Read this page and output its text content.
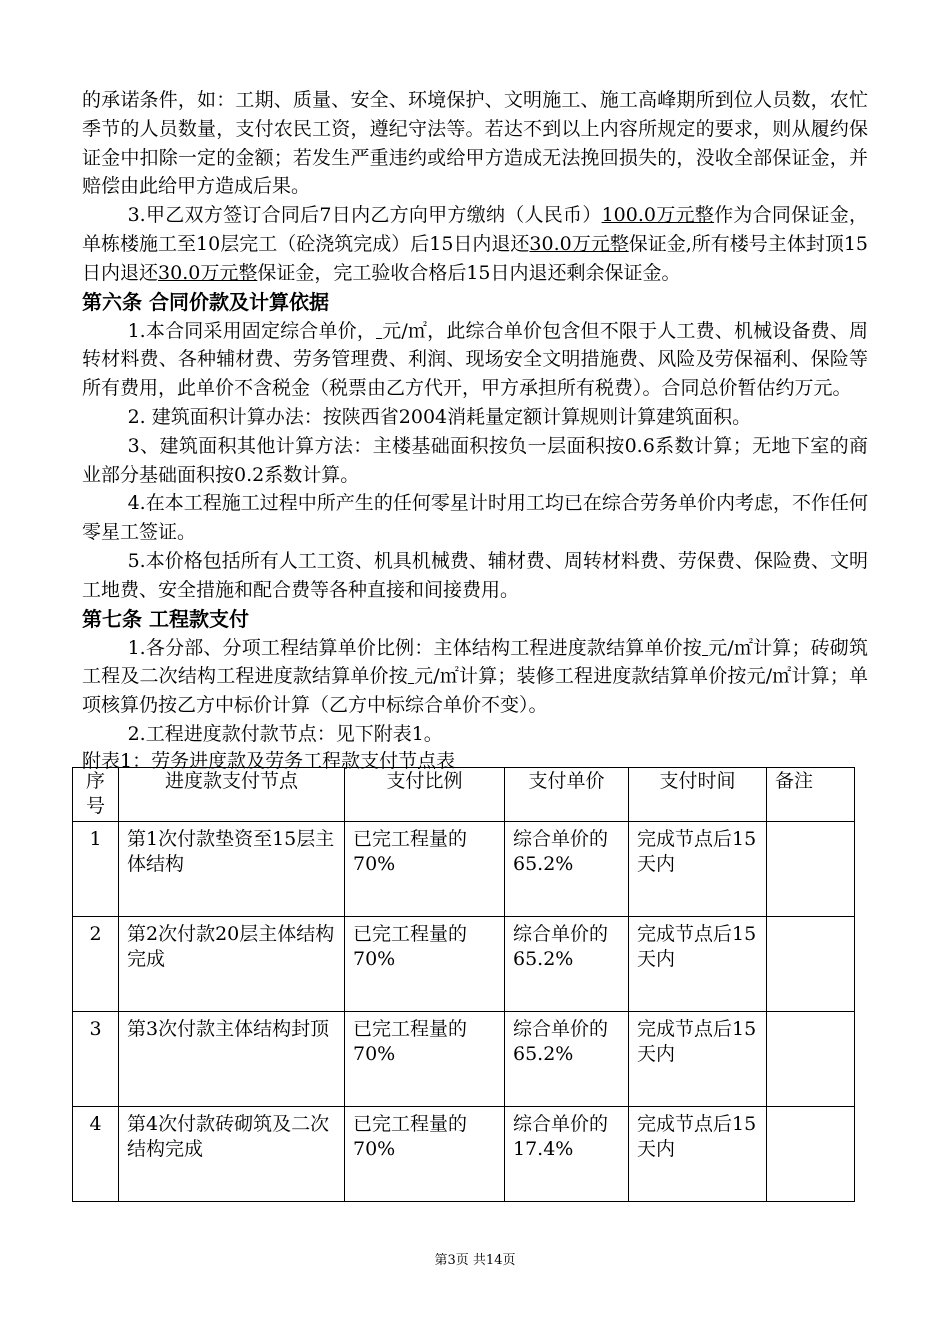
的承诺条件，如：工期、质量、安全、环境保护、文明施工、施工高峰期所到位人员数，农忙季节的人员数量，支付农民工资，遵纪守法等。若达不到以上内容所规定的要求，则从履约保证金中扣除一定的金额；若发生严重违约或给甲方造成无法挽回损失的，没收全部保证金，并赔偿由此给甲方造成后果。

3.甲乙双方签订合同后7日内乙方向甲方缴纳（人民币）100.0万元整作为合同保证金，单栋楼施工至10层完工（砼浇筑完成）后15日内退还30.0万元整保证金,所有楼号主体封顶15日内退还30.0万元整保证金，完工验收合格后15日内退还剩余保证金。

第六条 合同价款及计算依据

1.本合同采用固定综合单价， 元/㎡，此综合单价包含但不限于人工费、机械设备费、周转材料费、各种辅材费、劳务管理费、利润、现场安全文明措施费、风险及劳保福利、保险等所有费用，此单价不含税金（税票由乙方代开，甲方承担所有税费）。合同总价暂估约万元。

2. 建筑面积计算办法：按陕西省2004消耗量定额计算规则计算建筑面积。

3、建筑面积其他计算方法：主楼基础面积按负一层面积按0.6系数计算；无地下室的商业部分基础面积按0.2系数计算。

4.在本工程施工过程中所产生的任何零星计时用工均已在综合劳务单价内考虑，不作任何零星工签证。

5.本价格包括所有人工工资、机具机械费、辅材费、周转材料费、劳保费、保险费、文明工地费、安全措施和配合费等各种直接和间接费用。

第七条 工程款支付

1.各分部、分项工程结算单价比例：主体结构工程进度款结算单价按 元/㎡计算；砖砌筑工程及二次结构工程进度款结算单价按 元/㎡计算；装修工程进度款结算单价按元/㎡计算；单项核算仍按乙方中标价计算（乙方中标综合单价不变）。

2.工程进度款付款节点：见下附表1。

附表1：劳务进度款及劳务工程款支付节点表

序号	进度款支付节点	支付比例	支付单价	支付时间	备注
1	第1次付款垫资至15层主体结构	已完工程量的70%	综合单价的65.2%	完成节点后15天内	
2	第2次付款20层主体结构完成	已完工程量的70%	综合单价的65.2%	完成节点后15天内	
3	第3次付款主体结构封顶	已完工程量的70%	综合单价的65.2%	完成节点后15天内	
4	第4次付款砖砌筑及二次结构完成	已完工程量的70%	综合单价的17.4%	完成节点后15天内	
第3页 共14页
